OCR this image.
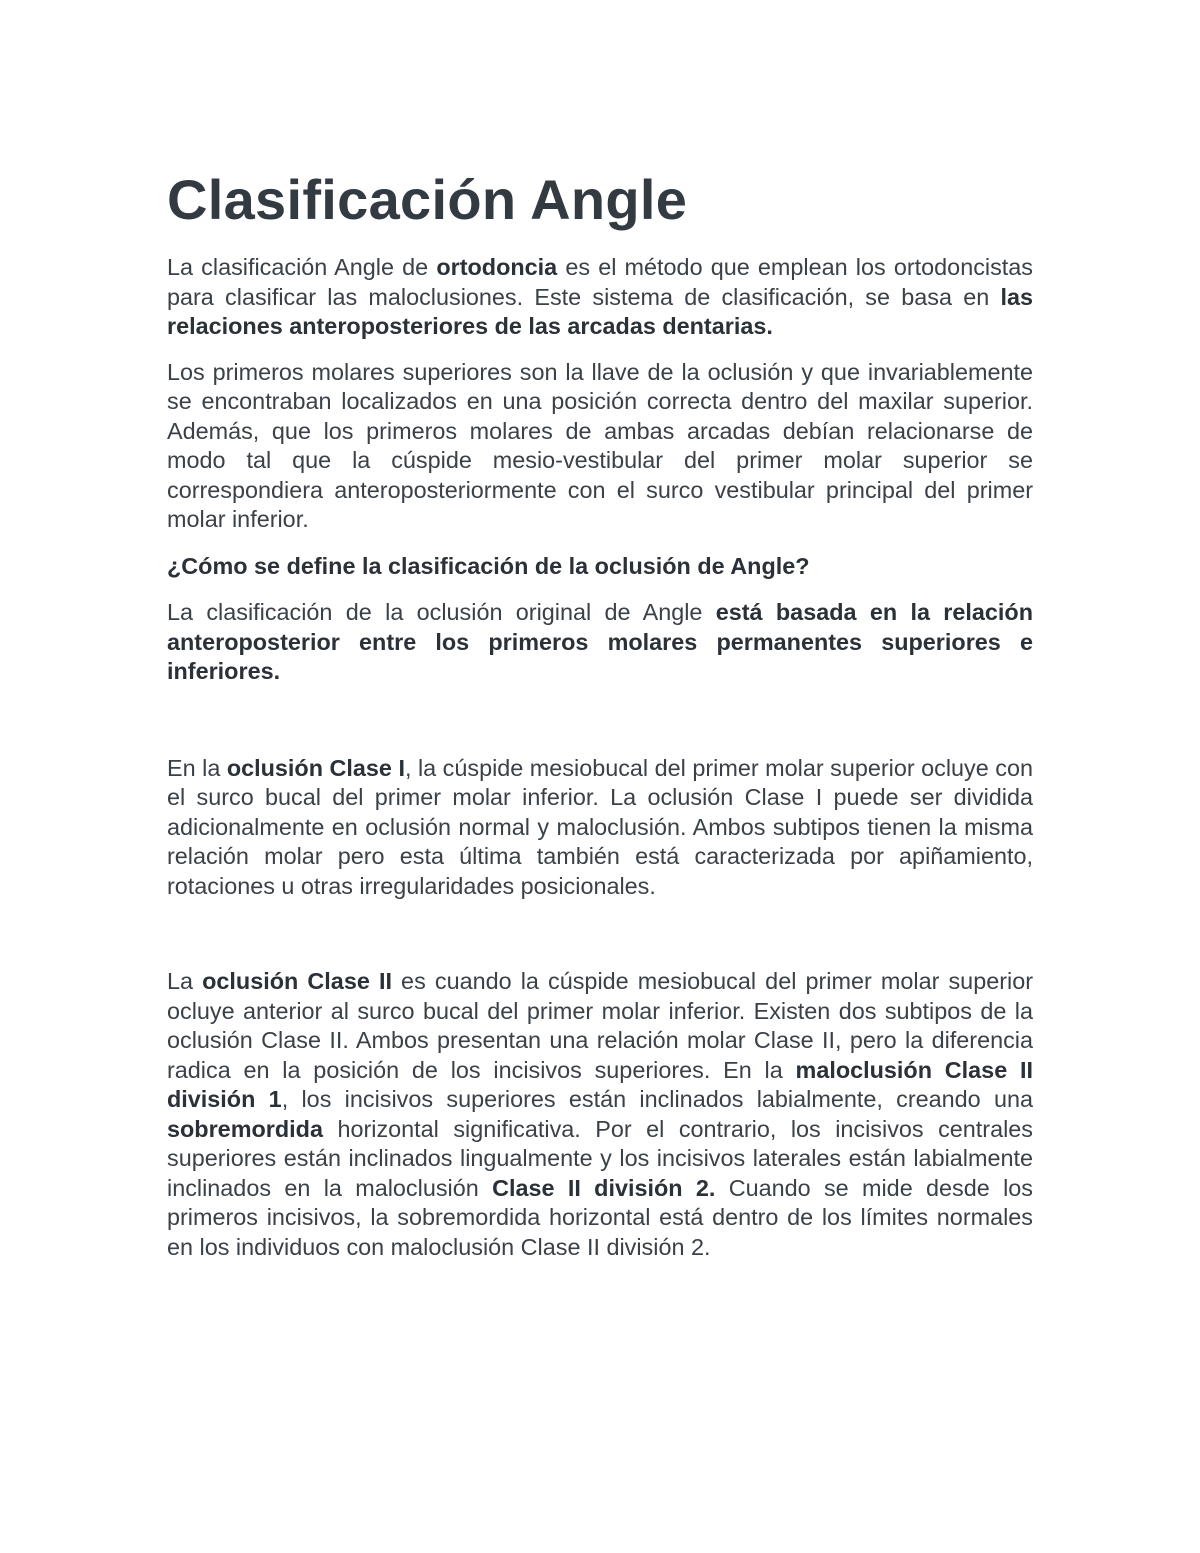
Clasificación Angle

La clasificación Angle de ortodoncia es el método que emplean los ortodoncistas para clasificar las maloclusiones. Este sistema de clasificación, se basa en las relaciones anteroposteriores de las arcadas dentarias.

Los primeros molares superiores son la llave de la oclusión y que invariablemente se encontraban localizados en una posición correcta dentro del maxilar superior. Además, que los primeros molares de ambas arcadas debían relacionarse de modo tal que la cúspide mesio-vestibular del primer molar superior se correspondiera anteroposteriormente con el surco vestibular principal del primer molar inferior.

¿Cómo se define la clasificación de la oclusión de Angle?

La clasificación de la oclusión original de Angle está basada en la relación anteroposterior entre los primeros molares permanentes superiores e inferiores.

En la oclusión Clase I, la cúspide mesiobucal del primer molar superior ocluye con el surco bucal del primer molar inferior. La oclusión Clase I puede ser dividida adicionalmente en oclusión normal y maloclusión. Ambos subtipos tienen la misma relación molar pero esta última también está caracterizada por apiñamiento, rotaciones u otras irregularidades posicionales.

La oclusión Clase II es cuando la cúspide mesiobucal del primer molar superior ocluye anterior al surco bucal del primer molar inferior. Existen dos subtipos de la oclusión Clase II. Ambos presentan una relación molar Clase II, pero la diferencia radica en la posición de los incisivos superiores. En la maloclusión Clase II división 1, los incisivos superiores están inclinados labialmente, creando una sobremordida horizontal significativa. Por el contrario, los incisivos centrales superiores están inclinados lingualmente y los incisivos laterales están labialmente inclinados en la maloclusión Clase II división 2. Cuando se mide desde los primeros incisivos, la sobremordida horizontal está dentro de los límites normales en los individuos con maloclusión Clase II división 2.
